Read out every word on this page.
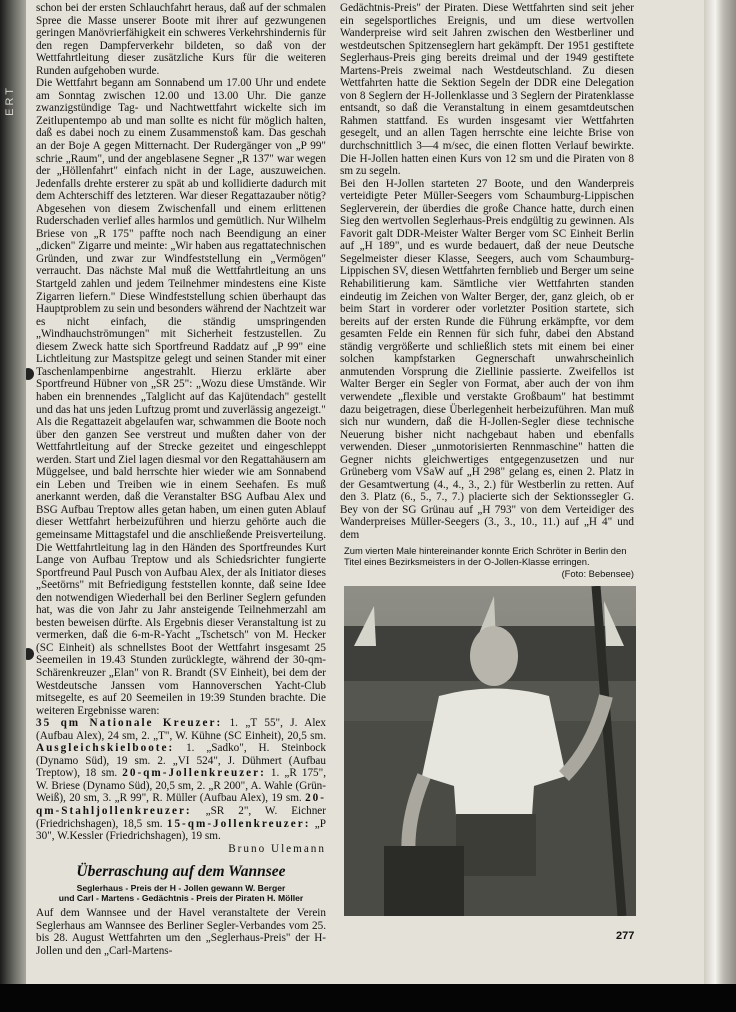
ERT

schon bei der ersten Schlauchfahrt heraus, daß auf der schmalen Spree die Masse unserer Boote mit ihrer auf gezwungenen geringen Manövrierfähigkeit ein schweres Verkehrshindernis für den regen Dampferverkehr bildeten, so daß von der Wettfahrtleitung dieser zusätzliche Kurs für die weiteren Runden aufgehoben wurde.

Die Wettfahrt begann am Sonnabend um 17.00 Uhr und endete am Sonntag zwischen 12.00 und 13.00 Uhr. Die ganze zwanzigstündige Tag- und Nachtwettfahrt wickelte sich im Zeitlupentempo ab und man sollte es nicht für möglich halten, daß es dabei noch zu einem Zusammenstoß kam. Das geschah an der Boje A gegen Mitternacht. Der Rudergänger von „P 99" schrie „Raum", und der angeblasene Segner „R 137" war wegen der „Höllenfahrt" einfach nicht in der Lage, auszuweichen. Jedenfalls drehte ersterer zu spät ab und kollidierte dadurch mit dem Achterschiff des letzteren. War dieser Regattazauber nötig? Abgesehen von diesem Zwischenfall und einem erlittenen Ruderschaden verlief alles harmlos und gemütlich. Nur Wilhelm Briese von „R 175" paffte noch nach Beendigung an einer „dicken" Zigarre und meinte: „Wir haben aus regattatechnischen Gründen, und zwar zur Windfeststellung ein „Vermögen" verraucht. Das nächste Mal muß die Wettfahrtleitung an uns Startgeld zahlen und jedem Teilnehmer mindestens eine Kiste Zigarren liefern." Diese Windfeststellung schien überhaupt das Hauptproblem zu sein und besonders während der Nachtzeit war es nicht einfach, die ständig umspringenden „Windhauchströmungen" mit Sicherheit festzustellen. Zu diesem Zweck hatte sich Sportfreund Raddatz auf „P 99" eine Lichtleitung zur Mastspitze gelegt und seinen Stander mit einer Taschenlampenbirne angestrahlt. Hierzu erklärte aber Sportfreund Hübner von „SR 25": „Wozu diese Umstände. Wir haben ein brennendes „Talglicht auf das Kajütendach" gestellt und das hat uns jeden Luftzug promt und zuverlässig angezeigt."

Als die Regattazeit abgelaufen war, schwammen die Boote noch über den ganzen See verstreut und mußten daher von der Wettfahrtleitung auf der Strecke gezeitet und eingeschleppt werden. Start und Ziel lagen diesmal vor den Regattahäusern am Müggelsee, und bald herrschte hier wieder wie am Sonnabend ein Leben und Treiben wie in einem Seehafen. Es muß anerkannt werden, daß die Veranstalter BSG Aufbau Alex und BSG Aufbau Treptow alles getan haben, um einen guten Ablauf dieser Wettfahrt herbeizuführen und hierzu gehörte auch die gemeinsame Mittagstafel und die anschließende Preisverteilung. Die Wettfahrtleitung lag in den Händen des Sportfreundes Kurt Lange von Aufbau Treptow und als Schiedsrichter fungierte Sportfreund Paul Pusch von Aufbau Alex, der als Initiator dieses „Seetörns" mit Befriedigung feststellen konnte, daß seine Idee den notwendigen Wiederhall bei den Berliner Seglern gefunden hat, was die von Jahr zu Jahr ansteigende Teilnehmerzahl am besten beweisen dürfte. Als Ergebnis dieser Veranstaltung ist zu vermerken, daß die 6-m-R-Yacht „Tschetsch" von M. Hecker (SC Einheit) als schnellstes Boot der Wettfahrt insgesamt 25 Seemeilen in 19.43 Stunden zurücklegte, während der 30-qm-Schärenkreuzer „Elan" von R. Brandt (SV Einheit), bei dem der Westdeutsche Janssen vom Hannoverschen Yacht-Club mitsegelte, es auf 20 Seemeilen in 19:39 Stunden brachte. Die weiteren Ergebnisse waren:

35 qm Nationale Kreuzer: 1. „T 55", J. Alex (Aufbau Alex), 24 sm, 2. „T", W. Kühne (SC Einheit), 20,5 sm. Ausgleichskielboote: 1. „Sadko", H. Steinbock (Dynamo Süd), 19 sm. 2. „VI 524", J. Dühmert (Aufbau Treptow), 18 sm. 20-qm-Jollenkreuzer: 1. „R 175", W. Briese (Dynamo Süd), 20,5 sm, 2. „R 200", A. Wahle (Grün-Weiß), 20 sm, 3. „R 99", R. Müller (Aufbau Alex), 19 sm. 20-qm-Stahljollenkreuzer: „SR 2", W. Eichner (Friedrichshagen), 18,5 sm. 15-qm-Jollenkreuzer: „P 30", W.Kessler (Friedrichshagen), 19 sm.

Bruno Ulemann

Überraschung auf dem Wannsee
Seglerhaus - Preis der H - Jollen gewann W. Berger
und Carl - Martens - Gedächtnis - Preis der Piraten H. Möller

Auf dem Wannsee und der Havel veranstaltete der Verein Seglerhaus am Wannsee des Berliner Segler-Verbandes vom 25. bis 28. August Wettfahrten um den „Seglerhaus-Preis" der H-Jollen und den „Carl-Martens-

Gedächtnis-Preis" der Piraten. Diese Wettfahrten sind seit jeher ein segelsportliches Ereignis, und um diese wertvollen Wanderpreise wird seit Jahren zwischen den Westberliner und westdeutschen Spitzenseglern hart gekämpft. Der 1951 gestiftete Seglerhaus-Preis ging bereits dreimal und der 1949 gestiftete Martens-Preis zweimal nach Westdeutschland. Zu diesen Wettfahrten hatte die Sektion Segeln der DDR eine Delegation von 8 Seglern der H-Jollenklasse und 3 Seglern der Piratenklasse entsandt, so daß die Veranstaltung in einem gesamtdeutschen Rahmen stattfand. Es wurden insgesamt vier Wettfahrten gesegelt, und an allen Tagen herrschte eine leichte Brise von durchschnittlich 3—4 m/sec, die einen flotten Verlauf bewirkte. Die H-Jollen hatten einen Kurs von 12 sm und die Piraten von 8 sm zu segeln.

Bei den H-Jollen starteten 27 Boote, und den Wanderpreis verteidigte Peter Müller-Seegers vom Schaumburg-Lippischen Seglerverein, der überdies die große Chance hatte, durch einen Sieg den wertvollen Seglerhaus-Preis endgültig zu gewinnen. Als Favorit galt DDR-Meister Walter Berger vom SC Einheit Berlin auf „H 189", und es wurde bedauert, daß der neue Deutsche Segelmeister dieser Klasse, Seegers, auch vom Schaumburg-Lippischen SV, diesen Wettfahrten fernblieb und Berger um seine Rehabilitierung kam. Sämtliche vier Wettfahrten standen eindeutig im Zeichen von Walter Berger, der, ganz gleich, ob er beim Start in vorderer oder vorletzter Position startete, sich bereits auf der ersten Runde die Führung erkämpfte, vor dem gesamten Felde ein Rennen für sich fuhr, dabei den Abstand ständig vergrößerte und schließlich stets mit einem bei einer solchen kampfstarken Gegnerschaft unwahrscheinlich anmutenden Vorsprung die Ziellinie passierte. Zweifellos ist Walter Berger ein Segler von Format, aber auch der von ihm verwendete „flexible und verstakte Großbaum" hat bestimmt dazu beigetragen, diese Überlegenheit herbeizuführen. Man muß sich nur wundern, daß die H-Jollen-Segler diese technische Neuerung bisher nicht nachgebaut haben und ebenfalls verwenden. Dieser „unmotorisierten Rennmaschine" hatten die Gegner nichts gleichwertiges entgegenzusetzen und nur Grüneberg vom VSaW auf „H 298" gelang es, einen 2. Platz in der Gesamtwertung (4., 4., 3., 2.) für Westberlin zu retten. Auf den 3. Platz (6., 5., 7., 7.) placierte sich der Sektionssegler G. Bey von der SG Grünau auf „H 793" von dem Verteidiger des Wanderpreises Müller-Seegers (3., 3., 10., 11.) auf „H 4" und dem

Zum vierten Male hintereinander konnte Erich Schröter in Berlin den Titel eines Bezirksmeisters in der O-Jollen-Klasse erringen.
(Foto: Bebensee)
277
